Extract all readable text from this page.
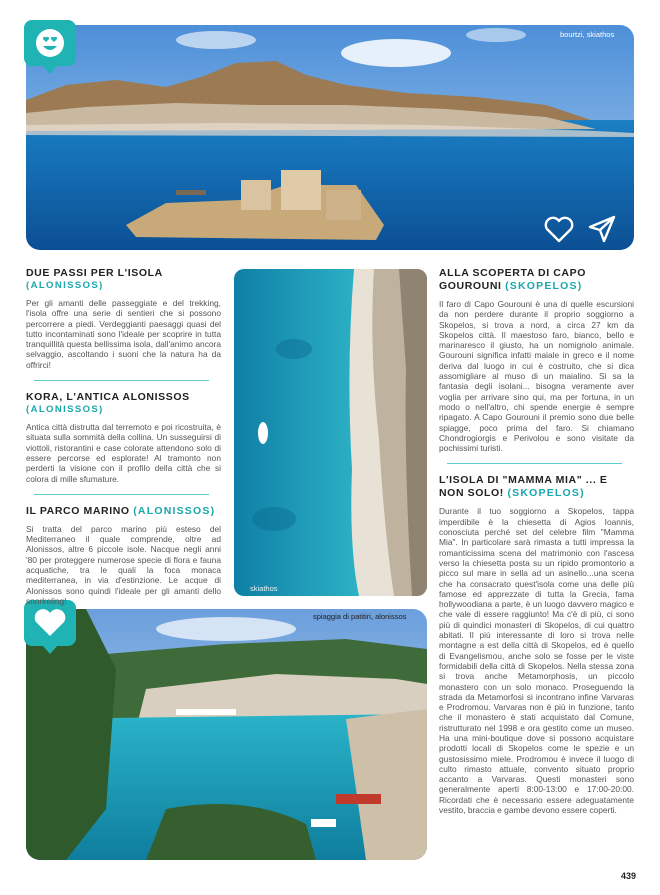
bourtzi, skiathos
skiathos
spiaggia di patitiri, alonissos
DUE PASSI PER L'ISOLA
(ALONISSOS)

Per gli amanti delle passeggiate e del trekking, l'isola offre una serie di sentieri che si possono percorrere a piedi. Verdeggianti paesaggi quasi del tutto incontaminati sono l'ideale per scoprire in tutta tranquillità questa bellissima isola, dall'animo ancora selvaggio, ascoltando i suoni che la natura ha da offrirci!

KORA, L'ANTICA ALONISSOS
(ALONISSOS)

Antica città distrutta dal terremoto e poi ricostruita, è situata sulla sommità della collina. Un susseguirsi di viottoli, ristorantini e case colorate attendono solo di essere percorse ed esplorate! Al tramonto non perderti la visione con il profilo della città che si colora di mille sfumature.

IL PARCO MARINO (ALONISSOS)

Si tratta del parco marino più esteso del Mediterraneo il quale comprende, oltre ad Alonissos, altre 6 piccole isole. Nacque negli anni '80 per proteggere numerose specie di flora e fauna acquatiche, tra le quali la foca monaca mediterranea, in via d'estinzione. Le acque di Alonissos sono quindi l'ideale per gli amanti dello snorkeling!

ALLA SCOPERTA DI CAPO GOUROUNI (SKOPELOS)

Il faro di Capo Gourouni è una di quelle escursioni da non perdere durante il proprio soggiorno a Skopelos, si trova a nord, a circa 27 km da Skopelos città. Il maestoso faro, bianco, bello e marinaresco il giusto, ha un nomignolo animale. Gourouni significa infatti maiale in greco e il nome deriva dal luogo in cui è costruito, che si dica assomigliare al muso di un maialino. Si sa la fantasia degli isolani... bisogna veramente aver voglia per arrivare sino qui, ma per fortuna, in un modo o nell'altro, chi spende energie è sempre ripagato. A Capo Gourouni il premio sono due belle spiagge, poco prima del faro. Si chiamano Chondrogiorgis e Perivolou e sono visitate da pochissimi turisti.

L'ISOLA DI "MAMMA MIA" ... E NON SOLO! (SKOPELOS)

Durante il tuo soggiorno a Skopelos, tappa imperdibile è la chiesetta di Agios Ioannis, conosciuta perché set del celebre film "Mamma Mia". In particolare sarà rimasta a tutti impressa la romanticissima scena del matrimonio con l'ascesa verso la chiesetta posta su un ripido promontorio a picco sul mare in sella ad un asinello...una scena che ha consacrato quest'isola come una delle più famose ed apprezzate di tutta la Grecia, fama hollywoodiana a parte, è un luogo davvero magico e che vale di essere raggiunto! Ma c'è di più, ci sono più di quindici monasteri di Skopelos, di cui quattro abitati. Il più interessante di loro si trova nelle montagne a est della città di Skopelos, ed è quello di Evangelismou, anche solo se fosse per le viste formidabili della città di Skopelos. Nella stessa zona si trova anche Metamorphosis, un piccolo monastero con un solo monaco. Proseguendo la strada da Metamorfosi si incontrano infine Varvaras e Prodromou. Varvaras non è più in funzione, tanto che il monastero è stati acquistato dal Comune, ristrutturato nel 1998 e ora gestito come un museo. Ha una mini-boutique dove si possono acquistare prodotti locali di Skopelos come le spezie e un gustosissimo miele. Prodromou è invece il luogo di culto rimasto attuale, convento situato proprio accanto a Varvaras. Questi monasteri sono generalmente aperti 8:00-13:00 e 17:00-20:00. Ricordati che è necessario essere adeguatamente vestito, braccia e gambe devono essere coperti.

439
